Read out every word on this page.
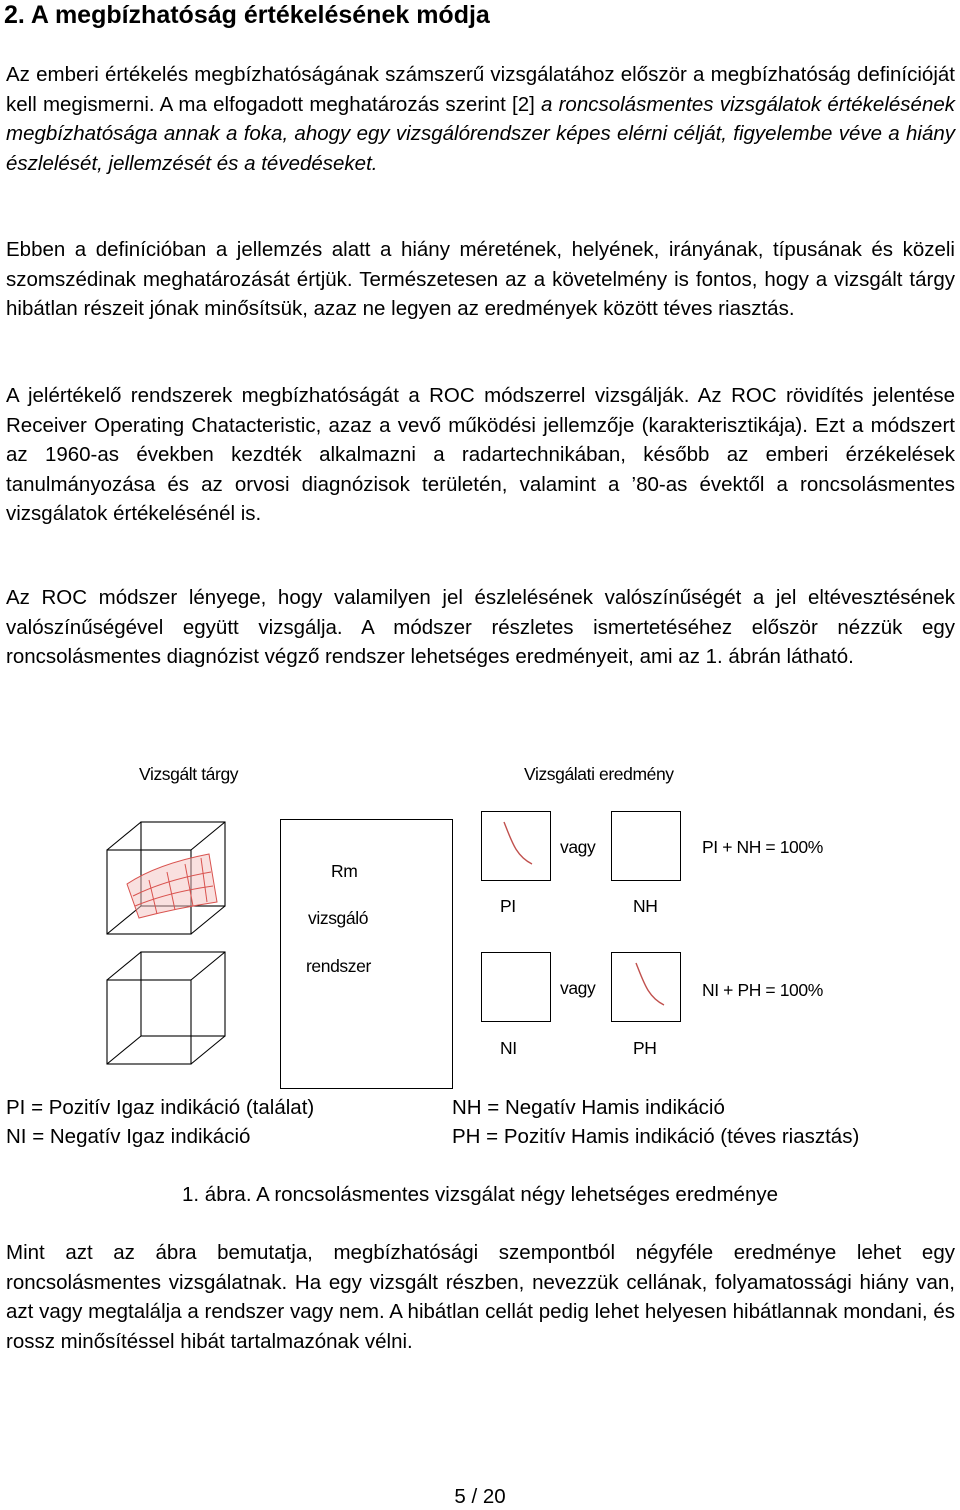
2. A megbízhatóság értékelésének módja

Az emberi értékelés megbízhatóságának számszerű vizsgálatához először a megbízhatóság definícióját kell megismerni. A ma elfogadott meghatározás szerint [2] a roncsolásmentes vizsgálatok értékelésének megbízhatósága annak a foka, ahogy egy vizsgálórendszer képes elérni célját, figyelembe véve a hiány észlelését, jellemzését és a tévedéseket.

Ebben a definícióban a jellemzés alatt a hiány méretének, helyének, irányának, típusának és közeli szomszédinak meghatározását értjük. Természetesen az a követelmény is fontos, hogy a vizsgált tárgy hibátlan részeit jónak minősítsük, azaz ne legyen az eredmények között téves riasztás.

A jelértékelő rendszerek megbízhatóságát a ROC módszerrel vizsgálják. Az ROC rövidítés jelentése Receiver Operating Chatacteristic, azaz a vevő működési jellemzője (karakterisztikája). Ezt a módszert az 1960-as években kezdték alkalmazni a radartechnikában, később az emberi érzékelések tanulmányozása és az orvosi diagnózisok területén, valamint a ’80-as évektől a roncsolásmentes vizsgálatok értékelésénél is.

Az ROC módszer lényege, hogy valamilyen jel észlelésének valószínűségét a jel eltévesztésének valószínűségével együtt vizsgálja. A módszer részletes ismertetéséhez először nézzük egy roncsolásmentes diagnózist végző rendszer lehetséges eredményeit, ami az 1. ábrán látható.

Vizsgált tárgy	Vizsgálati eredmény
Rm
vizsgáló
rendszer
vagy
vagy
PI	NH
NI	PH
PI + NH = 100%
NI + PH = 100%
PI = Pozitív Igaz indikáció (találat)
NI = Negatív Igaz indikáció
NH = Negatív Hamis indikáció
PH = Pozitív Hamis indikáció (téves riasztás)
1. ábra. A roncsolásmentes vizsgálat négy lehetséges eredménye

Mint azt az ábra bemutatja, megbízhatósági szempontból négyféle eredménye lehet egy roncsolásmentes vizsgálatnak. Ha egy vizsgált részben, nevezzük cellának, folyamatossági hiány van, azt vagy megtalálja a rendszer vagy nem. A hibátlan cellát pedig lehet helyesen hibátlannak mondani, és rossz minősítéssel hibát tartalmazónak vélni.

5 / 20
